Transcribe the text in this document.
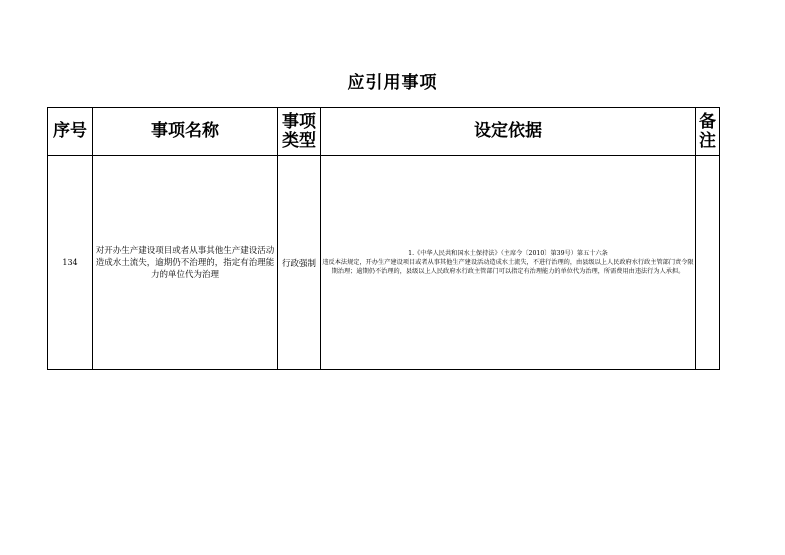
应引用事项
序号	事项名称	事项类型	设定依据	备注
134	对开办生产建设项目或者从事其他生产建设活动造成水土流失，逾期仍不治理的，指定有治理能力的单位代为治理	行政强制	1.《中华人民共和国水土保持法》（主席令〔2010〕第39号）第五十六条
违反本法规定，开办生产建设项目或者从事其他生产建设活动造成水土流失，不进行治理的，由县级以上人民政府水行政主管部门责令限期治理；逾期仍不治理的，县级以上人民政府水行政主管部门可以指定有治理能力的单位代为治理，所需费用由违法行为人承担。	
